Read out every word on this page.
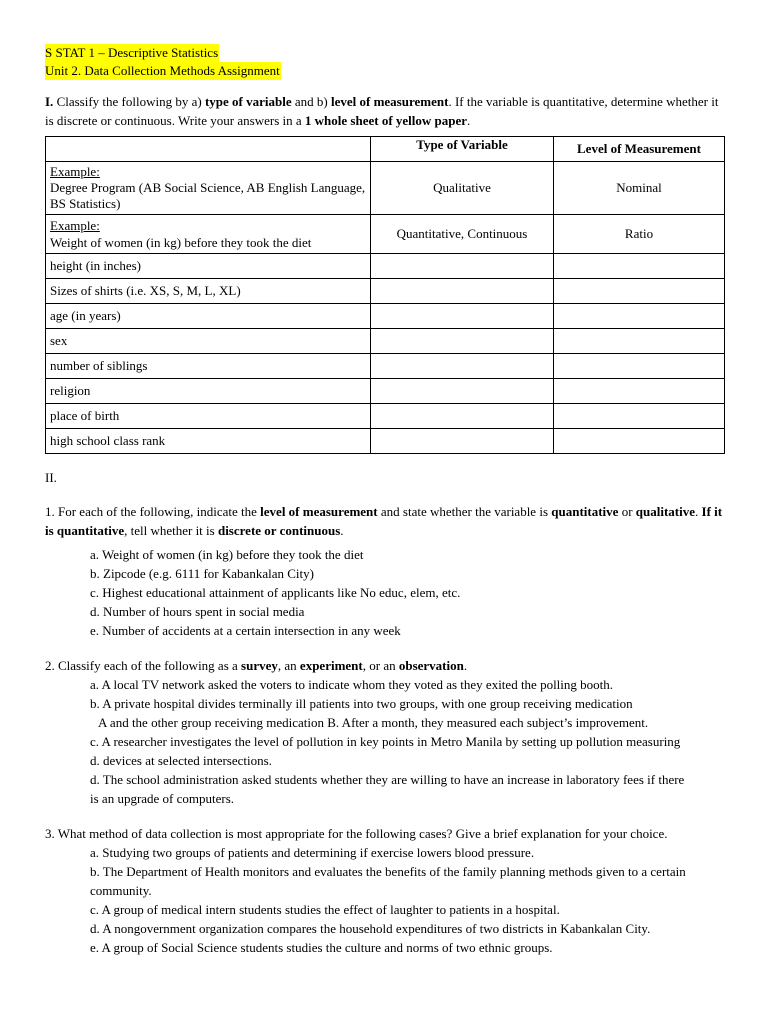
S STAT 1 – Descriptive Statistics
Unit 2. Data Collection Methods Assignment
I. Classify the following by a) type of variable and b) level of measurement. If the variable is quantitative, determine whether it is discrete or continuous. Write your answers in a 1 whole sheet of yellow paper.
	Type of Variable	Level of Measurement
Example:
Degree Program (AB Social Science, AB English Language, BS Statistics)	Qualitative	Nominal
Example:
Weight of women (in kg) before they took the diet	Quantitative, Continuous	Ratio
height (in inches)		
Sizes of shirts (i.e. XS, S, M, L, XL)		
age (in years)		
sex		
number of siblings		
religion		
place of birth		
high school class rank		
II.
1. For each of the following, indicate the level of measurement and state whether the variable is quantitative or qualitative. If it is quantitative, tell whether it is discrete or continuous.
a. Weight of women (in kg) before they took the diet
b. Zipcode (e.g. 6111 for Kabankalan City)
c. Highest educational attainment of applicants like No educ, elem, etc.
d. Number of hours spent in social media
e. Number of accidents at a certain intersection in any week
2. Classify each of the following as a survey, an experiment, or an observation.
a. A local TV network asked the voters to indicate whom they voted as they exited the polling booth.
b. A private hospital divides terminally ill patients into two groups, with one group receiving medication
A and the other group receiving medication B. After a month, they measured each subject’s improvement.
c. A researcher investigates the level of pollution in key points in Metro Manila by setting up pollution measuring
d. devices at selected intersections.
d. The school administration asked students whether they are willing to have an increase in laboratory fees if there
is an upgrade of computers.
3. What method of data collection is most appropriate for the following cases? Give a brief explanation for your choice.
a. Studying two groups of patients and determining if exercise lowers blood pressure.
b. The Department of Health monitors and evaluates the benefits of the family planning methods given to a certain
community.
c. A group of medical intern students studies the effect of laughter to patients in a hospital.
d. A nongovernment organization compares the household expenditures of two districts in Kabankalan City.
e. A group of Social Science students studies the culture and norms of two ethnic groups.
